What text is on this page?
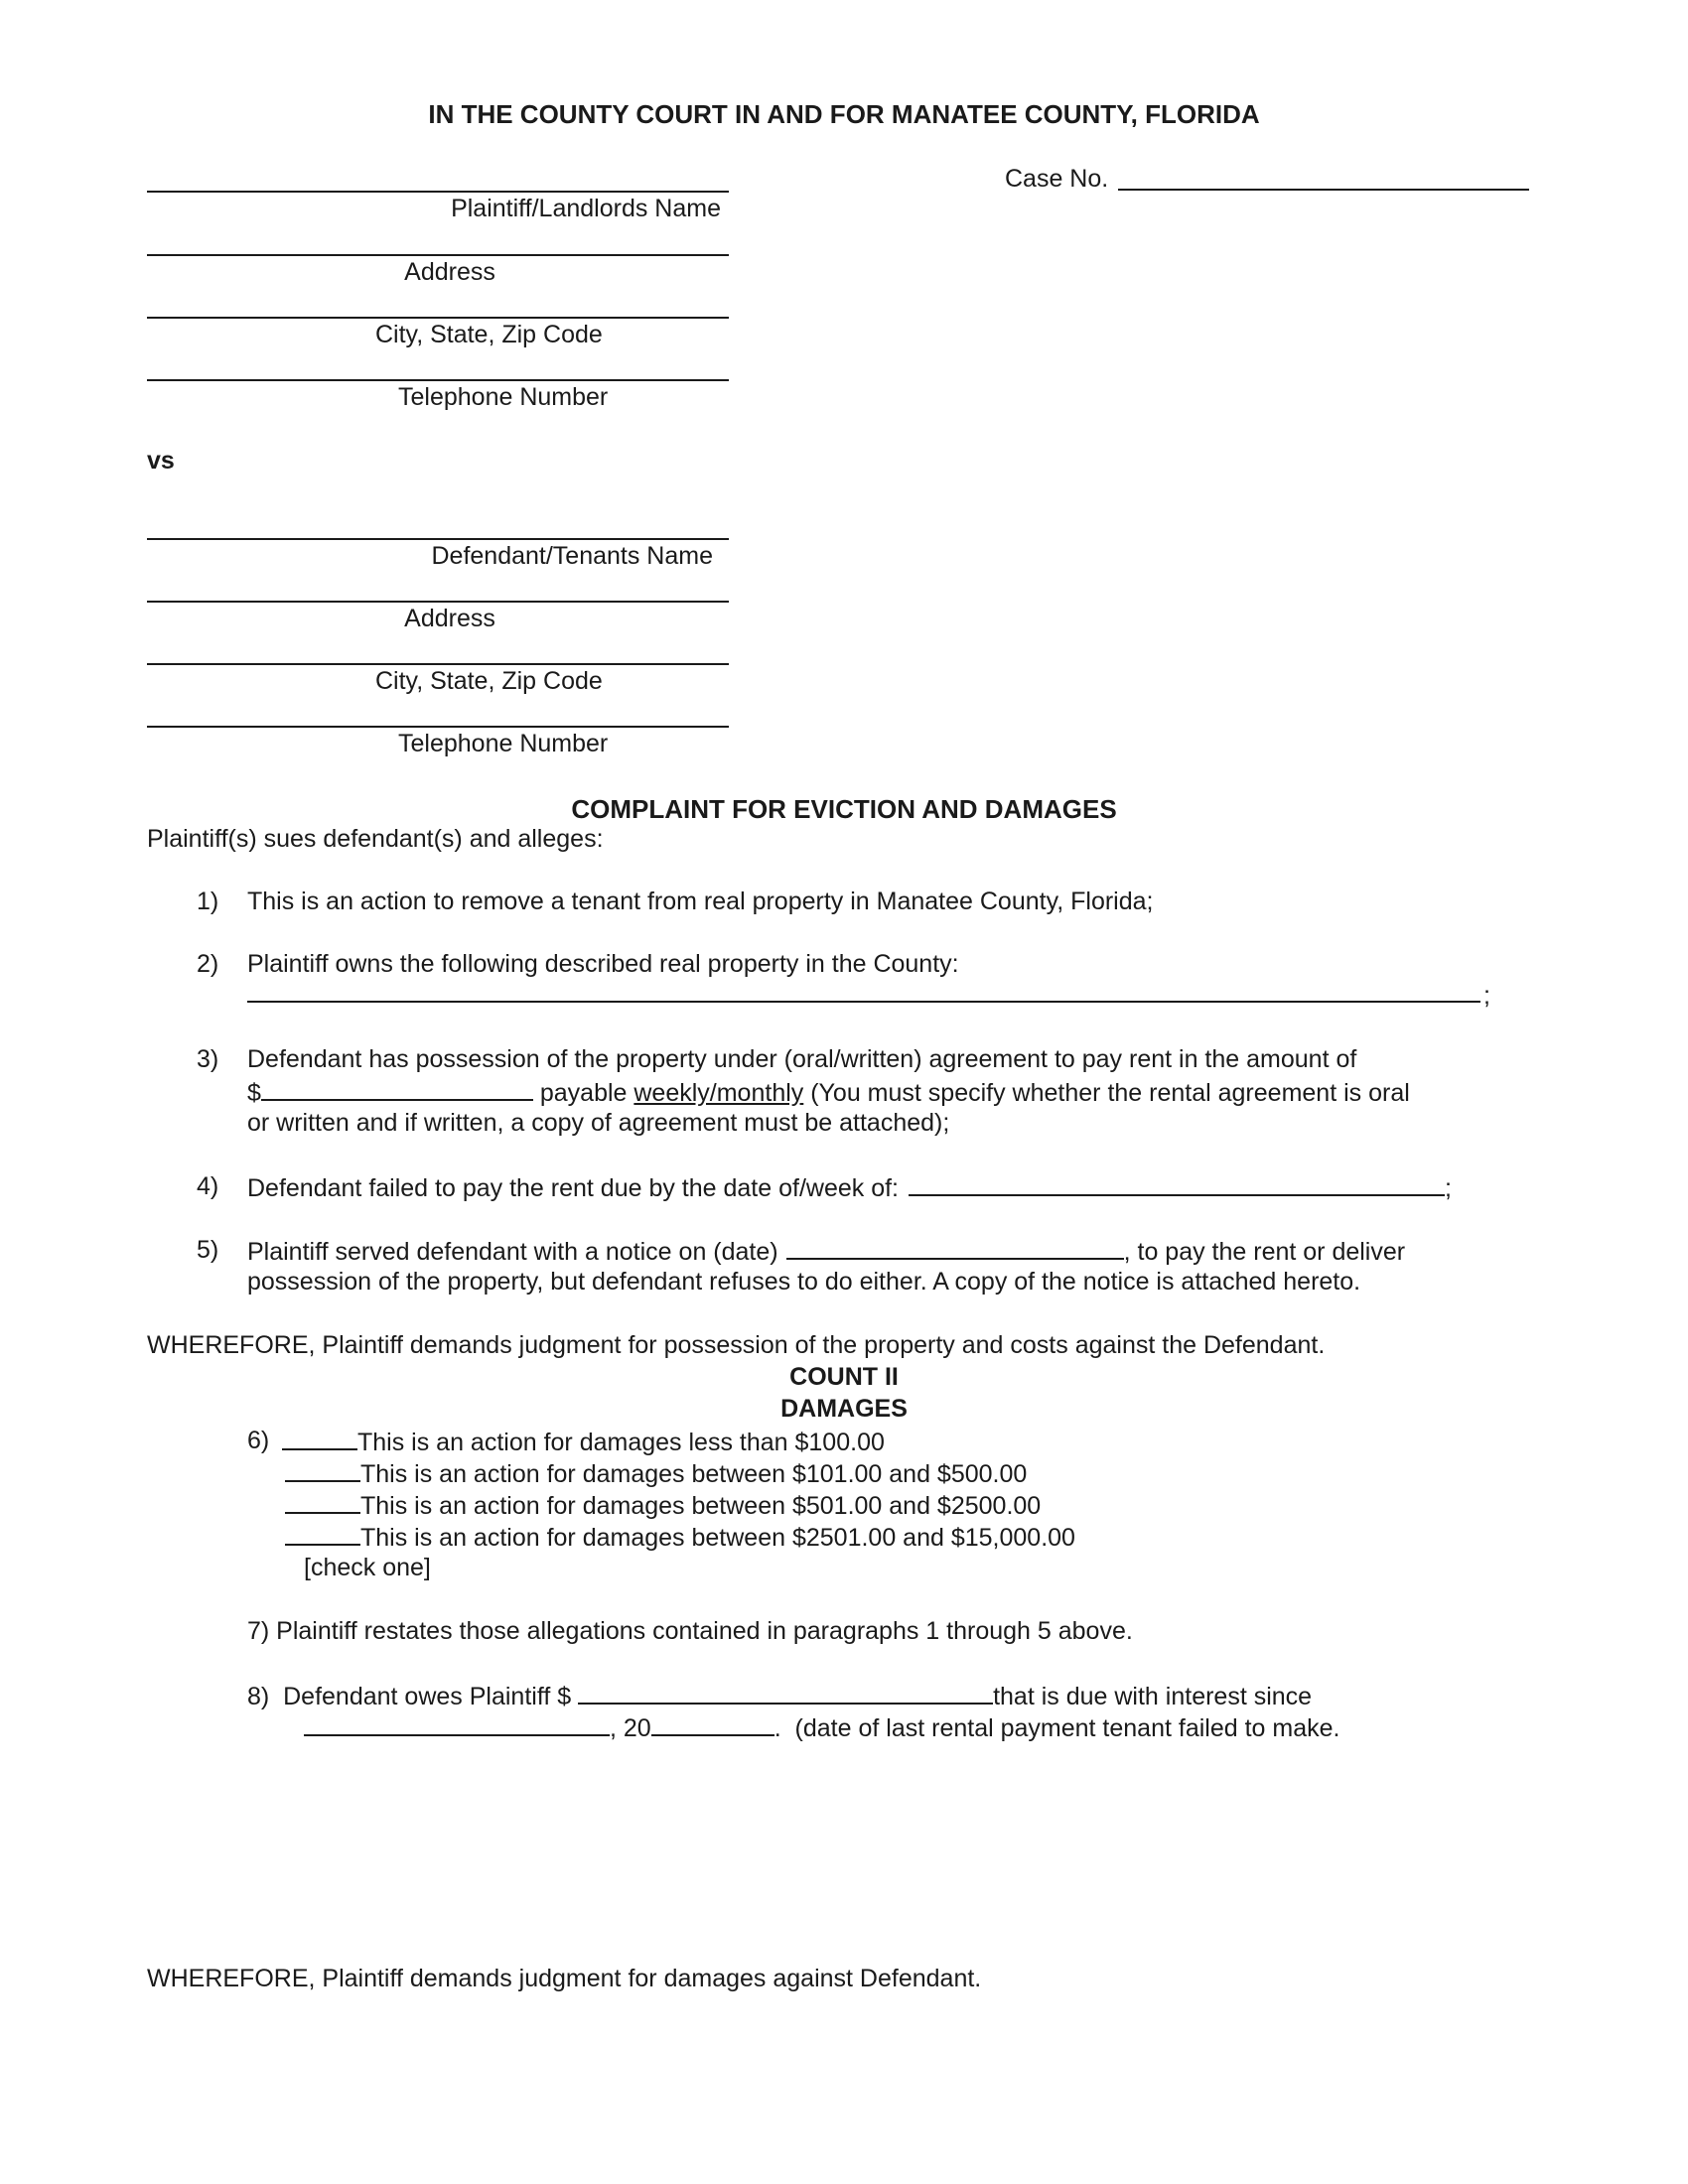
IN THE COUNTY COURT IN AND FOR MANATEE COUNTY, FLORIDA
Case No.
Plaintiff/Landlords Name
Address
City, State, Zip Code
Telephone Number
vs
Defendant/Tenants Name
Address
City, State, Zip Code
Telephone Number
COMPLAINT FOR EVICTION AND DAMAGES
Plaintiff(s) sues defendant(s) and alleges:
1) This is an action to remove a tenant from real property in Manatee County, Florida;
2) Plaintiff owns the following described real property in the County:
;
3) Defendant has possession of the property under (oral/written) agreement to pay rent in the amount of
$	payable weekly/monthly (You must specify whether the rental agreement is oral
or written and if written, a copy of agreement must be attached);
4) Defendant failed to pay the rent due by the date of/week of:	;
5) Plaintiff served defendant with a notice on (date)	, to pay the rent or deliver
possession of the property, but defendant refuses to do either. A copy of the notice is attached hereto.
WHEREFORE, Plaintiff demands judgment for possession of the property and costs against the Defendant.
COUNT II
DAMAGES
6)	This is an action for damages less than $100.00
This is an action for damages between $101.00 and $500.00
This is an action for damages between $501.00 and $2500.00
This is an action for damages between $2501.00 and $15,000.00
[check one]
7) Plaintiff restates those allegations contained in paragraphs 1 through 5 above.
8)  Defendant owes Plaintiff $	that is due with interest since
, 20	.  (date of last rental payment tenant failed to make.
WHEREFORE, Plaintiff demands judgment for damages against Defendant.
